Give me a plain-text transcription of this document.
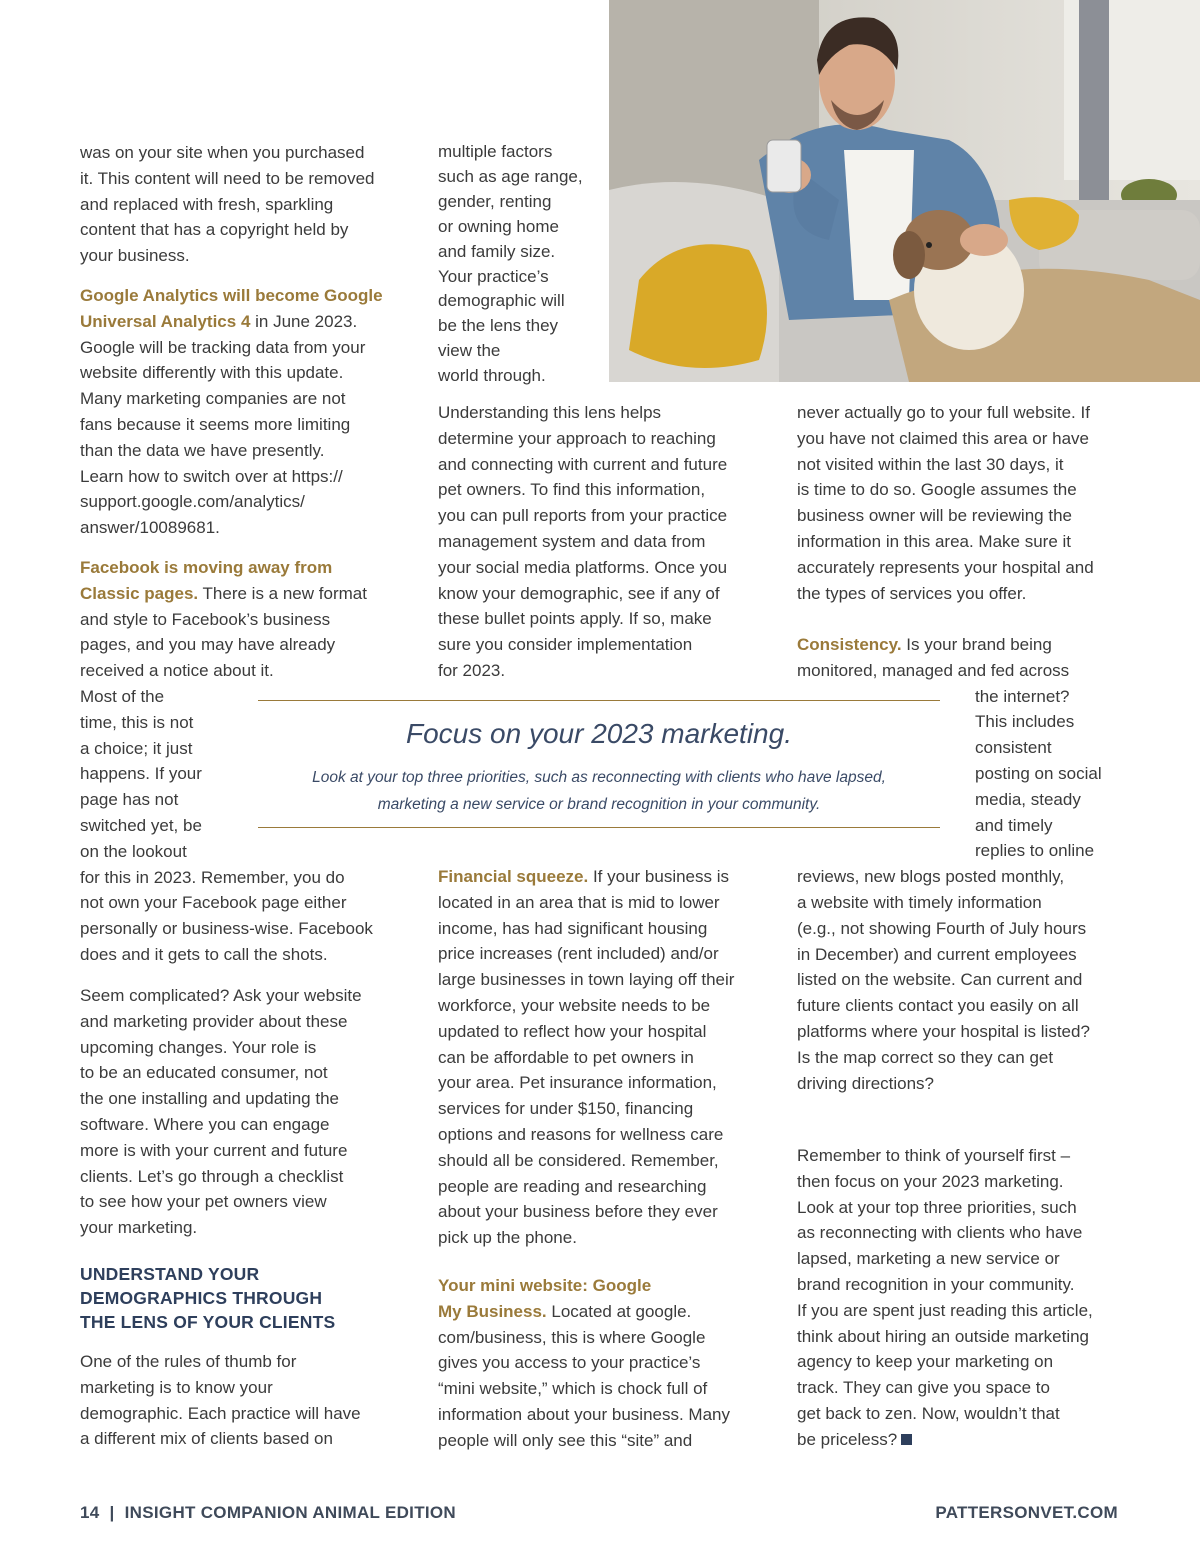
was on your site when you purchased
it. This content will need to be removed
and replaced with fresh, sparkling
content that has a copyright held by
your business.
Google Analytics will become Google
Universal Analytics 4 in June 2023.
Google will be tracking data from your
website differently with this update.
Many marketing companies are not
fans because it seems more limiting
than the data we have presently.
Learn how to switch over at https://
support.google.com/analytics/
answer/10089681.
Facebook is moving away from
Classic pages. There is a new format
and style to Facebook’s business
pages, and you may have already
received a notice about it.
Most of the
time, this is not
a choice; it just
happens. If your
page has not
switched yet, be
on the lookout
for this in 2023. Remember, you do
not own your Facebook page either
personally or business-wise. Facebook
does and it gets to call the shots.
Seem complicated? Ask your website
and marketing provider about these
upcoming changes. Your role is
to be an educated consumer, not
the one installing and updating the
software. Where you can engage
more is with your current and future
clients. Let’s go through a checklist
to see how your pet owners view
your marketing.
UNDERSTAND YOUR
DEMOGRAPHICS THROUGH
THE LENS OF YOUR CLIENTS
One of the rules of thumb for
marketing is to know your
demographic. Each practice will have
a different mix of clients based on
multiple factors
such as age range,
gender, renting
or owning home
and family size.
Your practice’s
demographic will
be the lens they
view the
world through.
Understanding this lens helps
determine your approach to reaching
and connecting with current and future
pet owners. To find this information,
you can pull reports from your practice
management system and data from
your social media platforms. Once you
know your demographic, see if any of
these bullet points apply. If so, make
sure you consider implementation
for 2023.
Financial squeeze. If your business is
located in an area that is mid to lower
income, has had significant housing
price increases (rent included) and/or
large businesses in town laying off their
workforce, your website needs to be
updated to reflect how your hospital
can be affordable to pet owners in
your area. Pet insurance information,
services for under $150, financing
options and reasons for wellness care
should all be considered. Remember,
people are reading and researching
about your business before they ever
pick up the phone.
Your mini website: Google
My Business. Located at google.
com/business, this is where Google
gives you access to your practice’s
“mini website,” which is chock full of
information about your business. Many
people will only see this “site” and
never actually go to your full website. If
you have not claimed this area or have
not visited within the last 30 days, it
is time to do so. Google assumes the
business owner will be reviewing the
information in this area. Make sure it
accurately represents your hospital and
the types of services you offer.
Consistency. Is your brand being
monitored, managed and fed across
the internet?
This includes
consistent
posting on social
media, steady
and timely
replies to online
reviews, new blogs posted monthly,
a website with timely information
(e.g., not showing Fourth of July hours
in December) and current employees
listed on the website. Can current and
future clients contact you easily on all
platforms where your hospital is listed?
Is the map correct so they can get
driving directions?
Remember to think of yourself first –
then focus on your 2023 marketing.
Look at your top three priorities, such
as reconnecting with clients who have
lapsed, marketing a new service or
brand recognition in your community.
If you are spent just reading this article,
think about hiring an outside marketing
agency to keep your marketing on
track. They can give you space to
get back to zen. Now, wouldn’t that
be priceless?
Focus on your 2023 marketing.
Look at your top three priorities, such as reconnecting with clients who have lapsed,
marketing a new service or brand recognition in your community.
14  |  INSIGHT COMPANION ANIMAL EDITION	PATTERSONVET.COM
